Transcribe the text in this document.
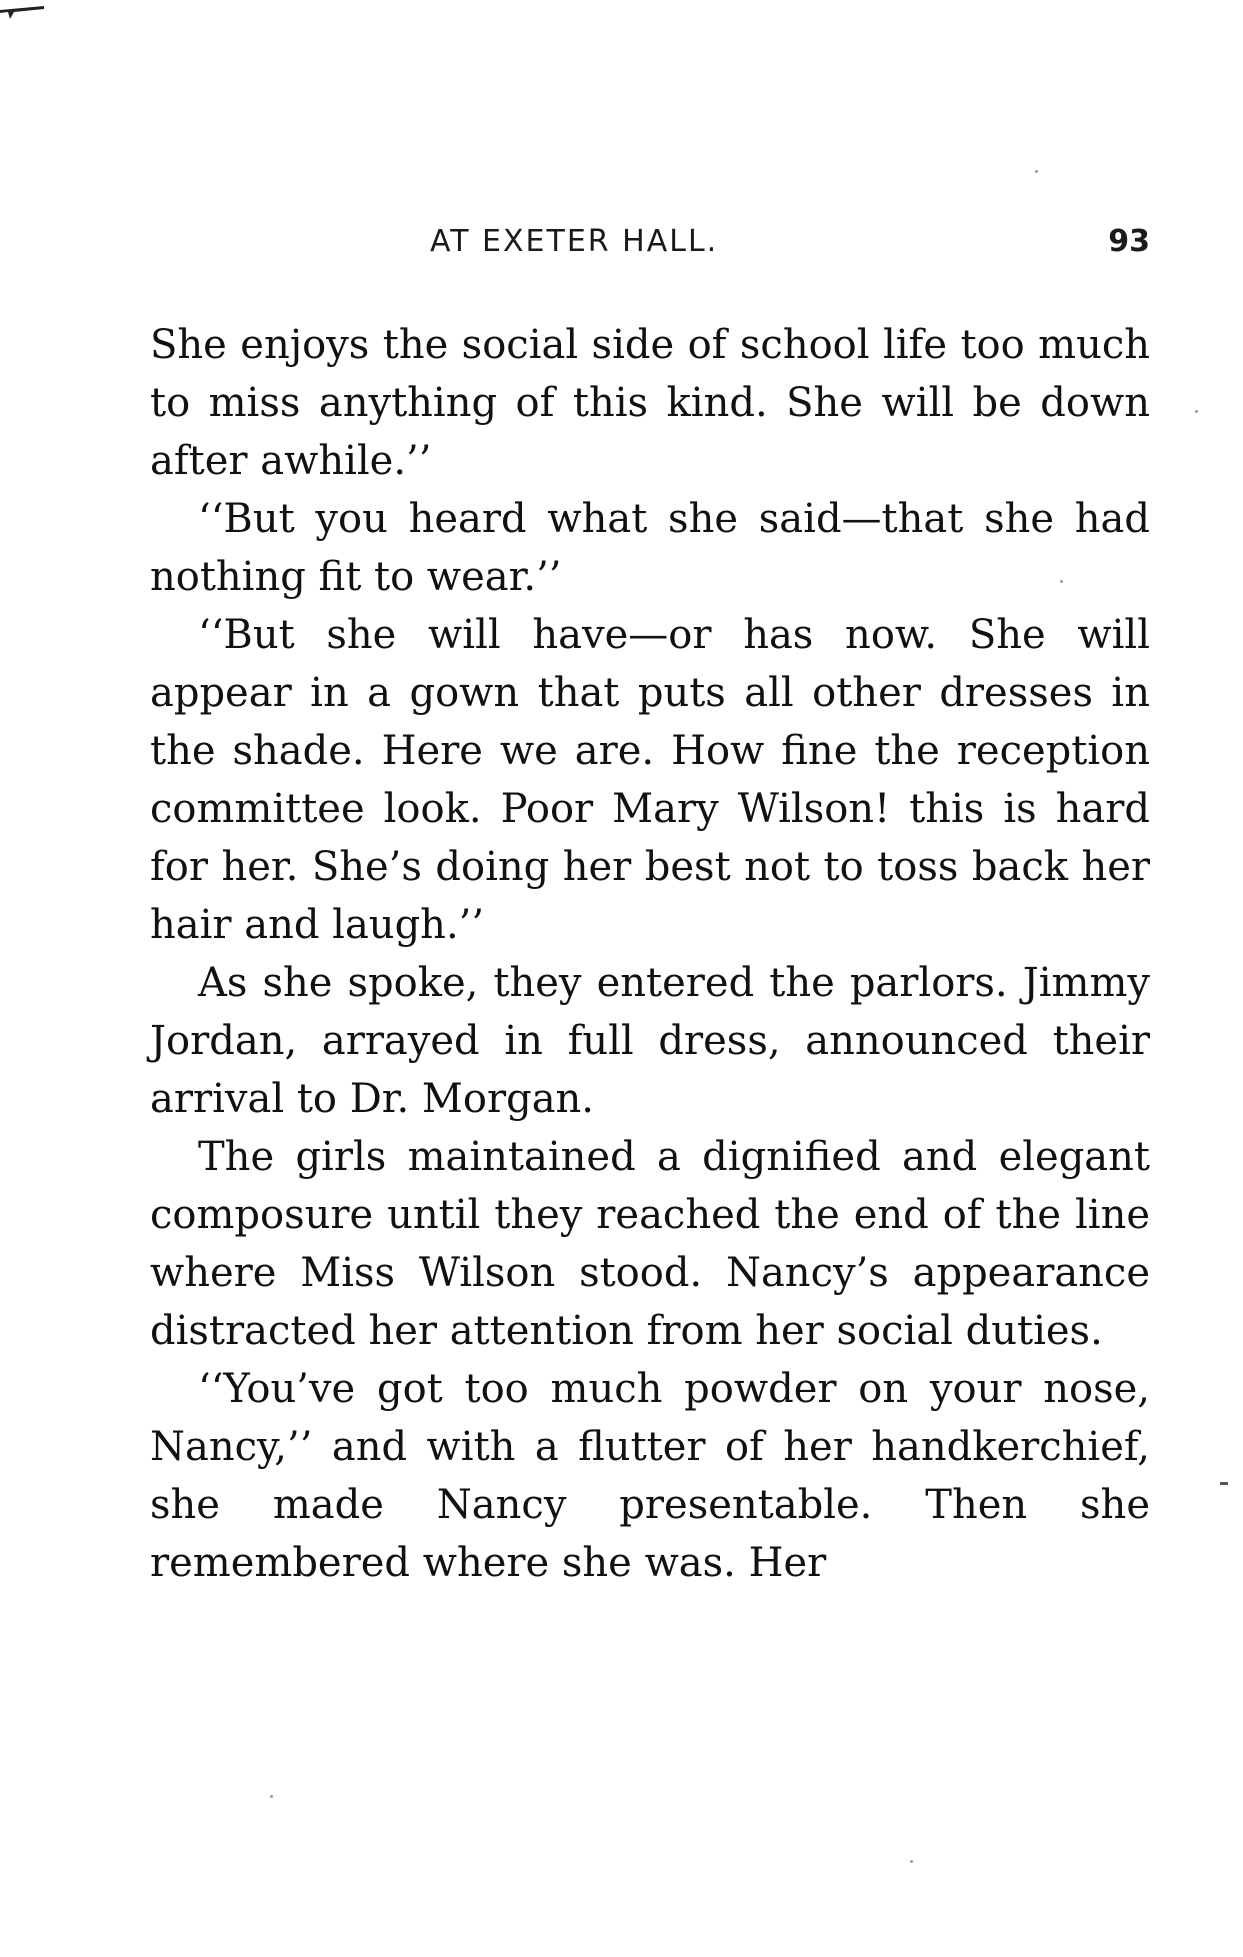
AT EXETER HALL.	93

She enjoys the social side of school life too much to miss anything of this kind. She will be down after awhile.’’

‘‘But you heard what she said—that she had nothing fit to wear.’’

‘‘But she will have—or has now. She will appear in a gown that puts all other dresses in the shade. Here we are. How fine the reception committee look. Poor Mary Wilson! this is hard for her. She’s doing her best not to toss back her hair and laugh.’’

As she spoke, they entered the parlors. Jimmy Jordan, arrayed in full dress, announced their arrival to Dr. Morgan.

The girls maintained a dignified and elegant composure until they reached the end of the line where Miss Wilson stood. Nancy’s appearance distracted her attention from her social duties.

‘‘You’ve got too much powder on your nose, Nancy,’’ and with a flutter of her handkerchief, she made Nancy presentable. Then she remembered where she was. Her
